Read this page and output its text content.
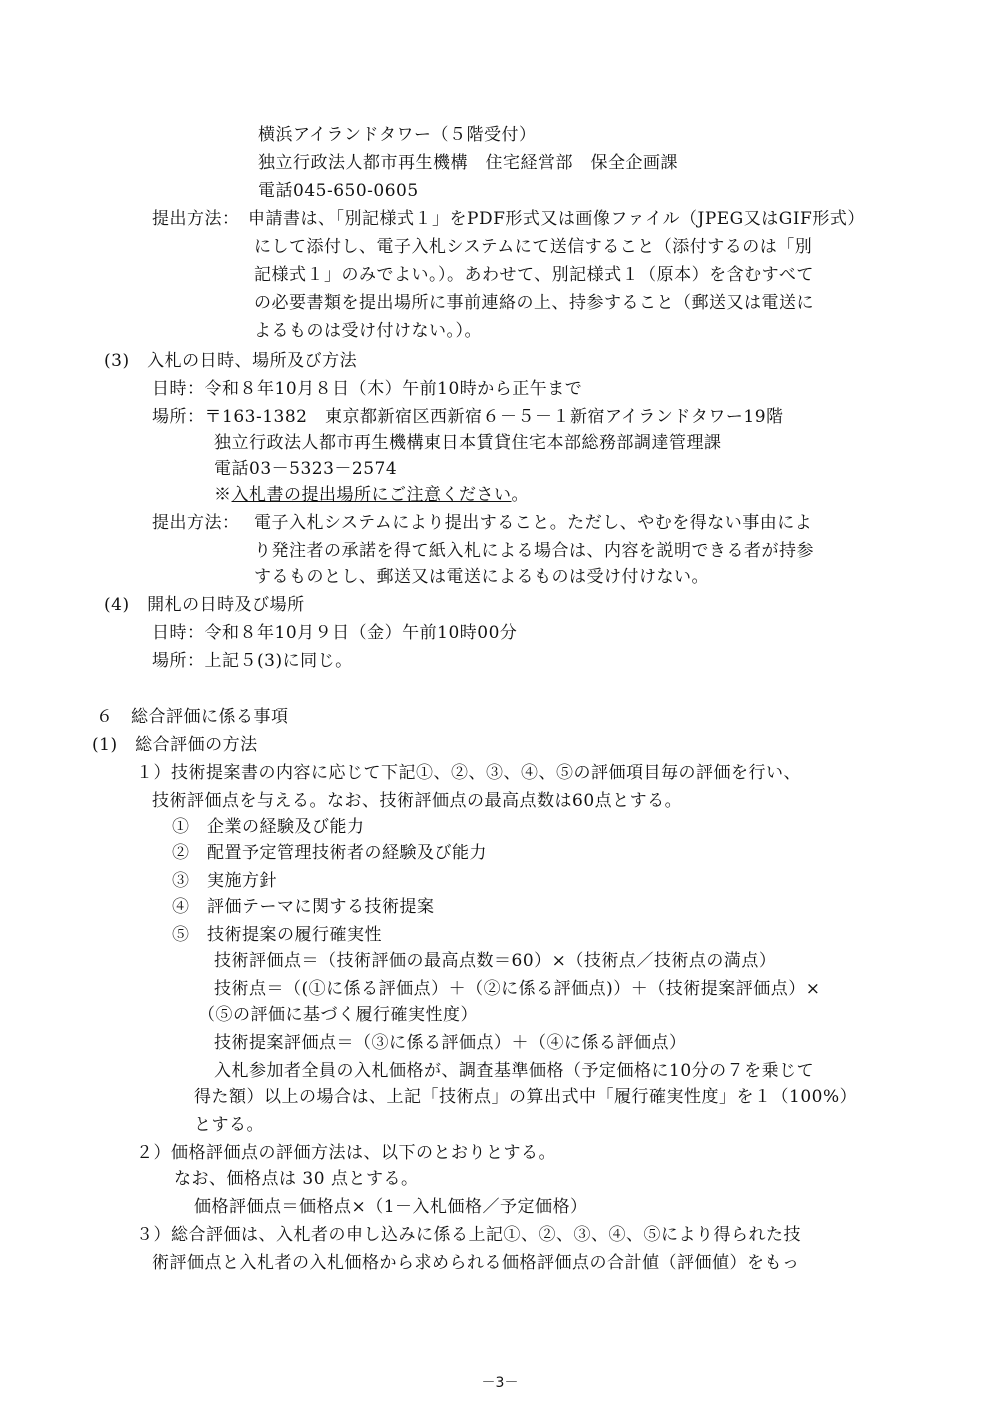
横浜アイランドタワー（５階受付）
独立行政法人都市再生機構　住宅経営部　保全企画課
電話045-650-0605
提出方法： 申請書は、「別記様式１」をPDF形式又は画像ファイル（JPEG又はGIF形式）
にして添付し、電子入札システムにて送信すること（添付するのは「別
記様式１」のみでよい。）。あわせて、別記様式１（原本）を含むすべて
の必要書類を提出場所に事前連絡の上、持参すること（郵送又は電送に
よるものは受け付けない。）。
(3)　入札の日時、場所及び方法
日時：令和８年10月８日（木）午前10時から正午まで
場所：〒163-1382　東京都新宿区西新宿６－５－１新宿アイランドタワー19階
独立行政法人都市再生機構東日本賃貸住宅本部総務部調達管理課
電話03－5323－2574
※入札書の提出場所にご注意ください。
提出方法： 電子入札システムにより提出すること。ただし、やむを得ない事由によ
り発注者の承諾を得て紙入札による場合は、内容を説明できる者が持参
するものとし、郵送又は電送によるものは受け付けない。
(4)　開札の日時及び場所
日時：令和８年10月９日（金）午前10時00分
場所：上記５(3)に同じ。
６　総合評価に係る事項
(1)　総合評価の方法
１）技術提案書の内容に応じて下記①、②、③、④、⑤の評価項目毎の評価を行い、
技術評価点を与える。なお、技術評価点の最高点数は60点とする。
①　企業の経験及び能力
②　配置予定管理技術者の経験及び能力
③　実施方針
④　評価テーマに関する技術提案
⑤　技術提案の履行確実性
技術評価点＝（技術評価の最高点数＝60）×（技術点／技術点の満点）
技術点＝（(①に係る評価点）＋（②に係る評価点)）＋（技術提案評価点）×
（⑤の評価に基づく履行確実性度）
技術提案評価点＝（③に係る評価点）＋（④に係る評価点）
入札参加者全員の入札価格が、調査基準価格（予定価格に10分の７を乗じて
得た額）以上の場合は、上記「技術点」の算出式中「履行確実性度」を１（100%）
とする。
２）価格評価点の評価方法は、以下のとおりとする。
なお、価格点は 30 点とする。
価格評価点＝価格点×（1－入札価格／予定価格）
３）総合評価は、入札者の申し込みに係る上記①、②、③、④、⑤により得られた技
術評価点と入札者の入札価格から求められる価格評価点の合計値（評価値）をもっ
－3－
